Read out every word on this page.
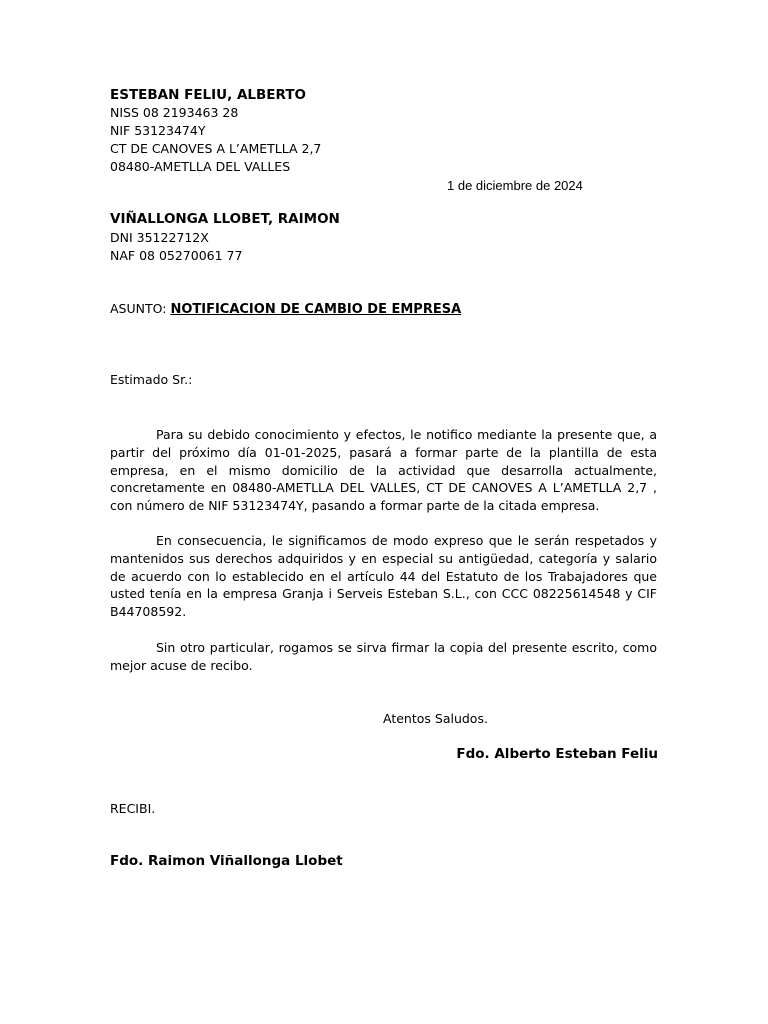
ESTEBAN FELIU, ALBERTO
NISS 08 2193463 28
NIF 53123474Y
CT DE CANOVES A L’AMETLLA 2,7
08480-AMETLLA DEL VALLES
1 de diciembre de 2024
VIÑALLONGA LLOBET, RAIMON
DNI 35122712X
NAF 08 05270061 77
ASUNTO: NOTIFICACION DE CAMBIO DE EMPRESA
Estimado Sr.:
Para su debido conocimiento y efectos, le notifico mediante la presente que, a partir del próximo día 01-01-2025, pasará a formar parte de la plantilla de esta empresa, en el mismo domicilio de la actividad que desarrolla actualmente, concretamente en 08480-AMETLLA DEL VALLES, CT DE CANOVES A L’AMETLLA 2,7 , con número de NIF 53123474Y, pasando a formar parte de la citada empresa.
En consecuencia, le significamos de modo expreso que le serán respetados y mantenidos sus derechos adquiridos y en especial su antigüedad, categoría y salario de acuerdo con lo establecido en el artículo 44 del Estatuto de los Trabajadores que usted tenía en la empresa Granja i Serveis Esteban S.L., con CCC 08225614548 y CIF B44708592.
Sin otro particular, rogamos se sirva firmar la copia del presente escrito, como mejor acuse de recibo.
Atentos Saludos.
Fdo. Alberto Esteban Feliu
RECIBI.
Fdo. Raimon Viñallonga Llobet
